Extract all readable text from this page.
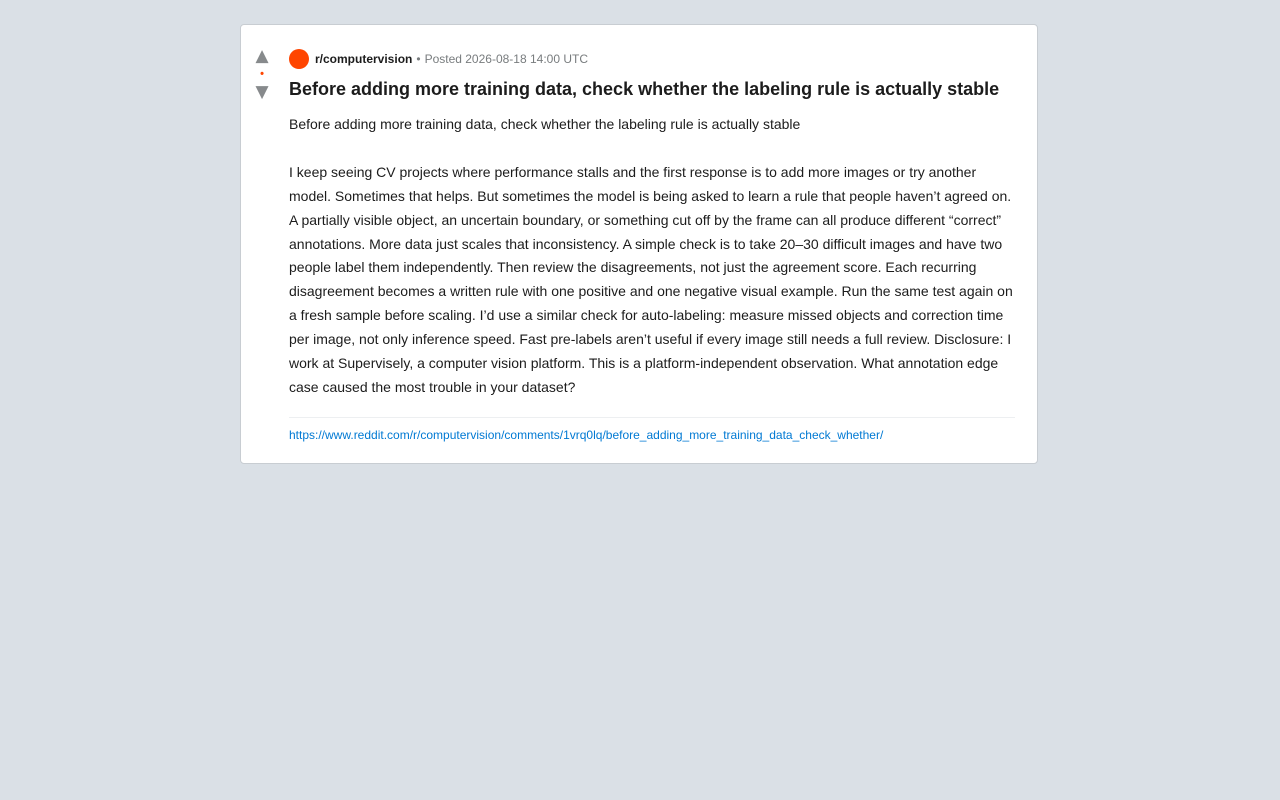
▲
•
▼
r/computervision • Posted 2026-08-18 14:00 UTC
Before adding more training data, check whether the labeling rule is actually stable

Before adding more training data, check whether the labeling rule is actually stable

I keep seeing CV projects where performance stalls and the first response is to add more images or try another model. Sometimes that helps. But sometimes the model is being asked to learn a rule that people haven’t agreed on. A partially visible object, an uncertain boundary, or something cut off by the frame can all produce different “correct” annotations. More data just scales that inconsistency. A simple check is to take 20–30 difficult images and have two people label them independently. Then review the disagreements, not just the agreement score. Each recurring disagreement becomes a written rule with one positive and one negative visual example. Run the same test again on a fresh sample before scaling. I’d use a similar check for auto-labeling: measure missed objects and correction time per image, not only inference speed. Fast pre-labels aren’t useful if every image still needs a full review. Disclosure: I work at Supervisely, a computer vision platform. This is a platform-independent observation. What annotation edge case caused the most trouble in your dataset?

https://www.reddit.com/r/computervision/comments/1vrq0lq/before_adding_more_training_data_check_whether/
